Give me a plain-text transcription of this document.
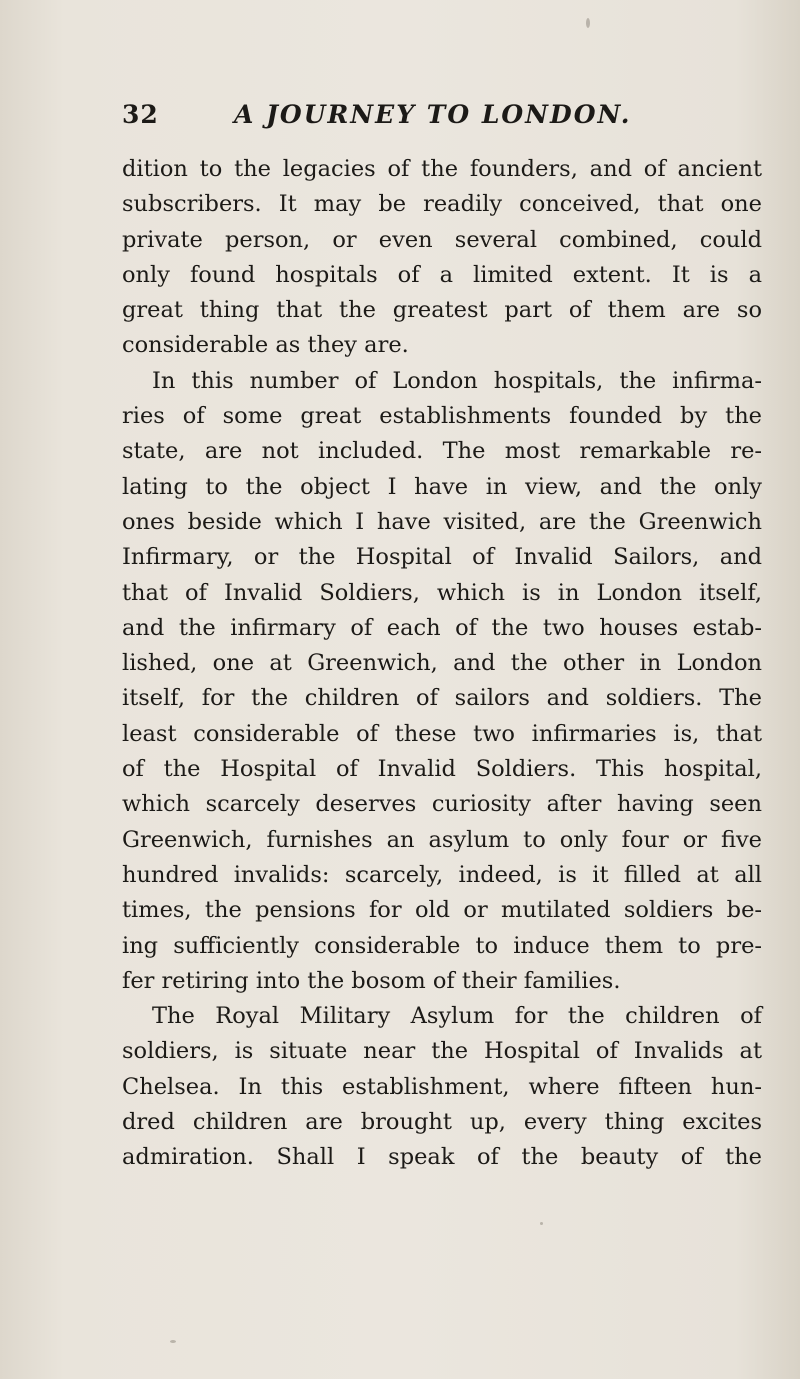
32	A JOURNEY TO LONDON.
dition to the legacies of the founders, and of ancient
subscribers. It may be readily conceived, that one
private person, or even several combined, could
only found hospitals of a limited extent. It is a
great thing that the greatest part of them are so
considerable as they are.
In this number of London hospitals, the infirma-
ries of some great establishments founded by the
state, are not included. The most remarkable re-
lating to the object I have in view, and the only
ones beside which I have visited, are the Greenwich
Infirmary, or the Hospital of Invalid Sailors, and
that of Invalid Soldiers, which is in London itself,
and the infirmary of each of the two houses estab-
lished, one at Greenwich, and the other in London
itself, for the children of sailors and soldiers. The
least considerable of these two infirmaries is, that
of the Hospital of Invalid Soldiers. This hospital,
which scarcely deserves curiosity after having seen
Greenwich, furnishes an asylum to only four or five
hundred invalids: scarcely, indeed, is it filled at all
times, the pensions for old or mutilated soldiers be-
ing sufficiently considerable to induce them to pre-
fer retiring into the bosom of their families.
The Royal Military Asylum for the children of
soldiers, is situate near the Hospital of Invalids at
Chelsea. In this establishment, where fifteen hun-
dred children are brought up, every thing excites
admiration. Shall I speak of the beauty of the
